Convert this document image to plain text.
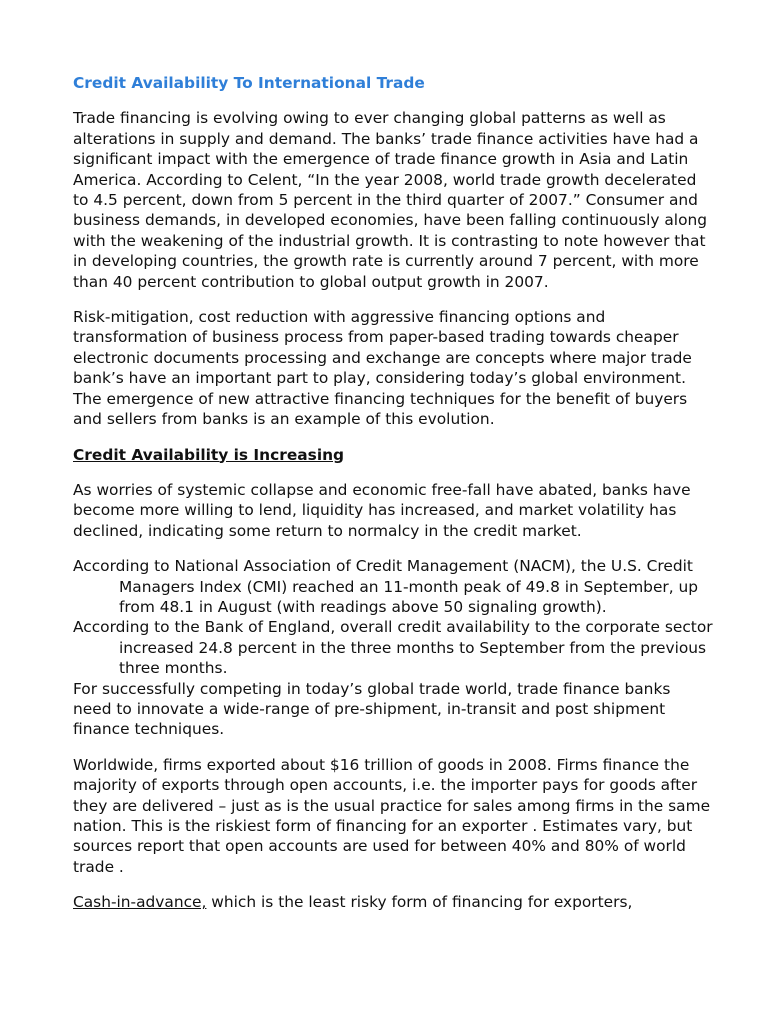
Credit Availability To International Trade

Trade financing is evolving owing to ever changing global patterns as well as alterations in supply and demand. The banks’ trade finance activities have had a significant impact with the emergence of trade finance growth in Asia and Latin America. According to Celent, “In the year 2008, world trade growth decelerated to 4.5 percent, down from 5 percent in the third quarter of 2007.” Consumer and business demands, in developed economies, have been falling continuously along with the weakening of the industrial growth. It is contrasting to note however that in developing countries, the growth rate is currently around 7 percent, with more than 40 percent contribution to global output growth in 2007.

Risk-mitigation, cost reduction with aggressive financing options and transformation of business process from paper-based trading towards cheaper electronic documents processing and exchange are concepts where major trade bank’s have an important part to play, considering today’s global environment. The emergence of new attractive financing techniques for the benefit of buyers and sellers from banks is an example of this evolution.

Credit Availability is Increasing

As worries of systemic collapse and economic free-fall have abated, banks have become more willing to lend, liquidity has increased, and market volatility has declined, indicating some return to normalcy in the credit market.

According to National Association of Credit Management (NACM), the U.S. Credit Managers Index (CMI) reached an 11-month peak of 49.8 in September, up from 48.1 in August (with readings above 50 signaling growth).

According to the Bank of England, overall credit availability to the corporate sector increased 24.8 percent in the three months to September from the previous three months.

For successfully competing in today’s global trade world, trade finance banks need to innovate a wide-range of pre-shipment, in-transit and post shipment finance techniques.

Worldwide, firms exported about $16 trillion of goods in 2008. Firms finance the majority of exports through open accounts, i.e. the importer pays for goods after they are delivered – just as is the usual practice for sales among firms in the same nation. This is the riskiest form of financing for an exporter . Estimates vary, but sources report that open accounts are used for between 40% and 80% of world trade .

Cash-in-advance, which is the least risky form of financing for exporters,
